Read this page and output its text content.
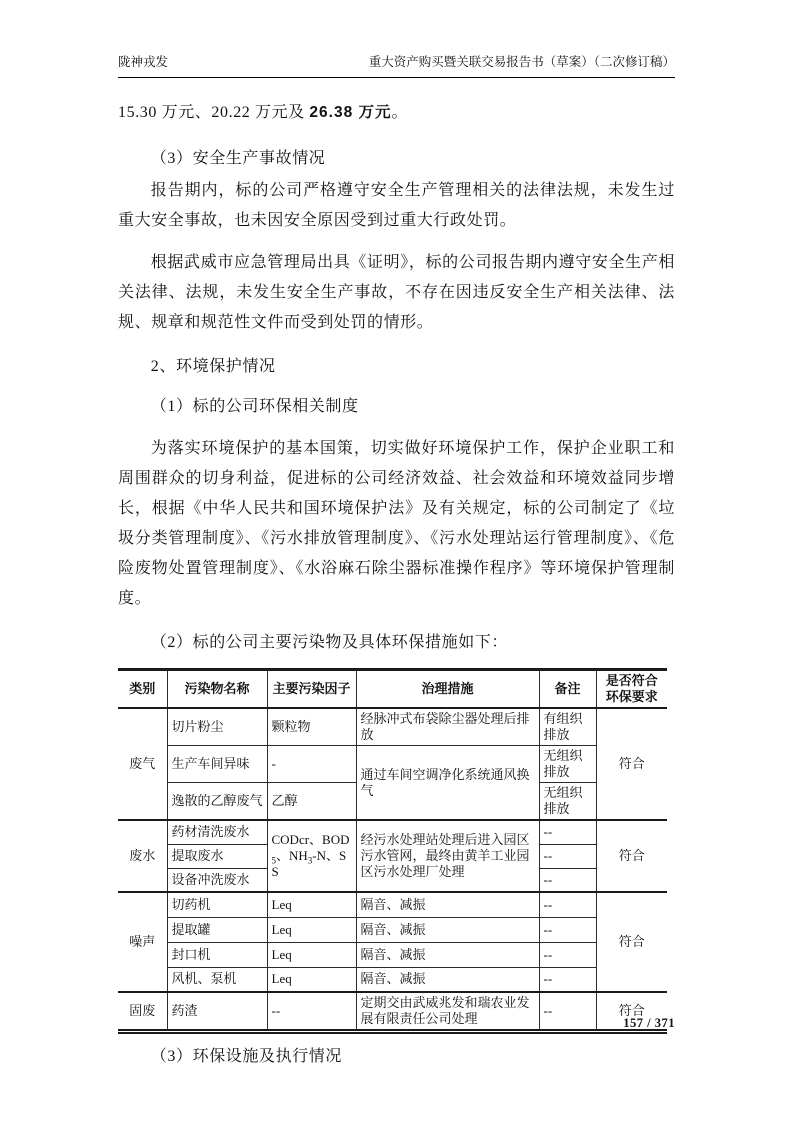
陇神戎发	重大资产购买暨关联交易报告书（草案）（二次修订稿）

15.30 万元、20.22 万元及 26.38 万元。

（3）安全生产事故情况

报告期内，标的公司严格遵守安全生产管理相关的法律法规，未发生过重大安全事故，也未因安全原因受到过重大行政处罚。

根据武威市应急管理局出具《证明》，标的公司报告期内遵守安全生产相关法律、法规，未发生安全生产事故，不存在因违反安全生产相关法律、法规、规章和规范性文件而受到处罚的情形。

2、环境保护情况

（1）标的公司环保相关制度

为落实环境保护的基本国策，切实做好环境保护工作，保护企业职工和周围群众的切身利益，促进标的公司经济效益、社会效益和环境效益同步增长，根据《中华人民共和国环境保护法》及有关规定，标的公司制定了《垃圾分类管理制度》、《污水排放管理制度》、《污水处理站运行管理制度》、《危险废物处置管理制度》、《水浴麻石除尘器标准操作程序》等环境保护管理制度。

（2）标的公司主要污染物及具体环保措施如下：

类别	污染物名称	主要污染因子	治理措施	备注	是否符合环保要求
废气	切片粉尘	颗粒物	经脉冲式布袋除尘器处理后排放	有组织排放	符合
	生产车间异味	-	通过车间空调净化系统通风换气	无组织排放	
	逸散的乙醇废气	乙醇		无组织排放	
废水	药材清洗废水	CODcr、$BOD_5$、$NH_3-N$、SS	经污水处理站处理后进入园区污水管网，最终由黄羊工业园区污水处理厂处理	--	符合
	提取废水			--	
	设备冲洗废水			--	
噪声	切药机	Leq	隔音、减振	--	符合
	提取罐	Leq	隔音、减振	--	
	封口机	Leq	隔音、减振	--	
	风机、泵机	Leq	隔音、减振	--	
固废	药渣	--	定期交由武威兆发和瑞农业发展有限责任公司处理	--	符合

（3）环保设施及执行情况

157 / 371
